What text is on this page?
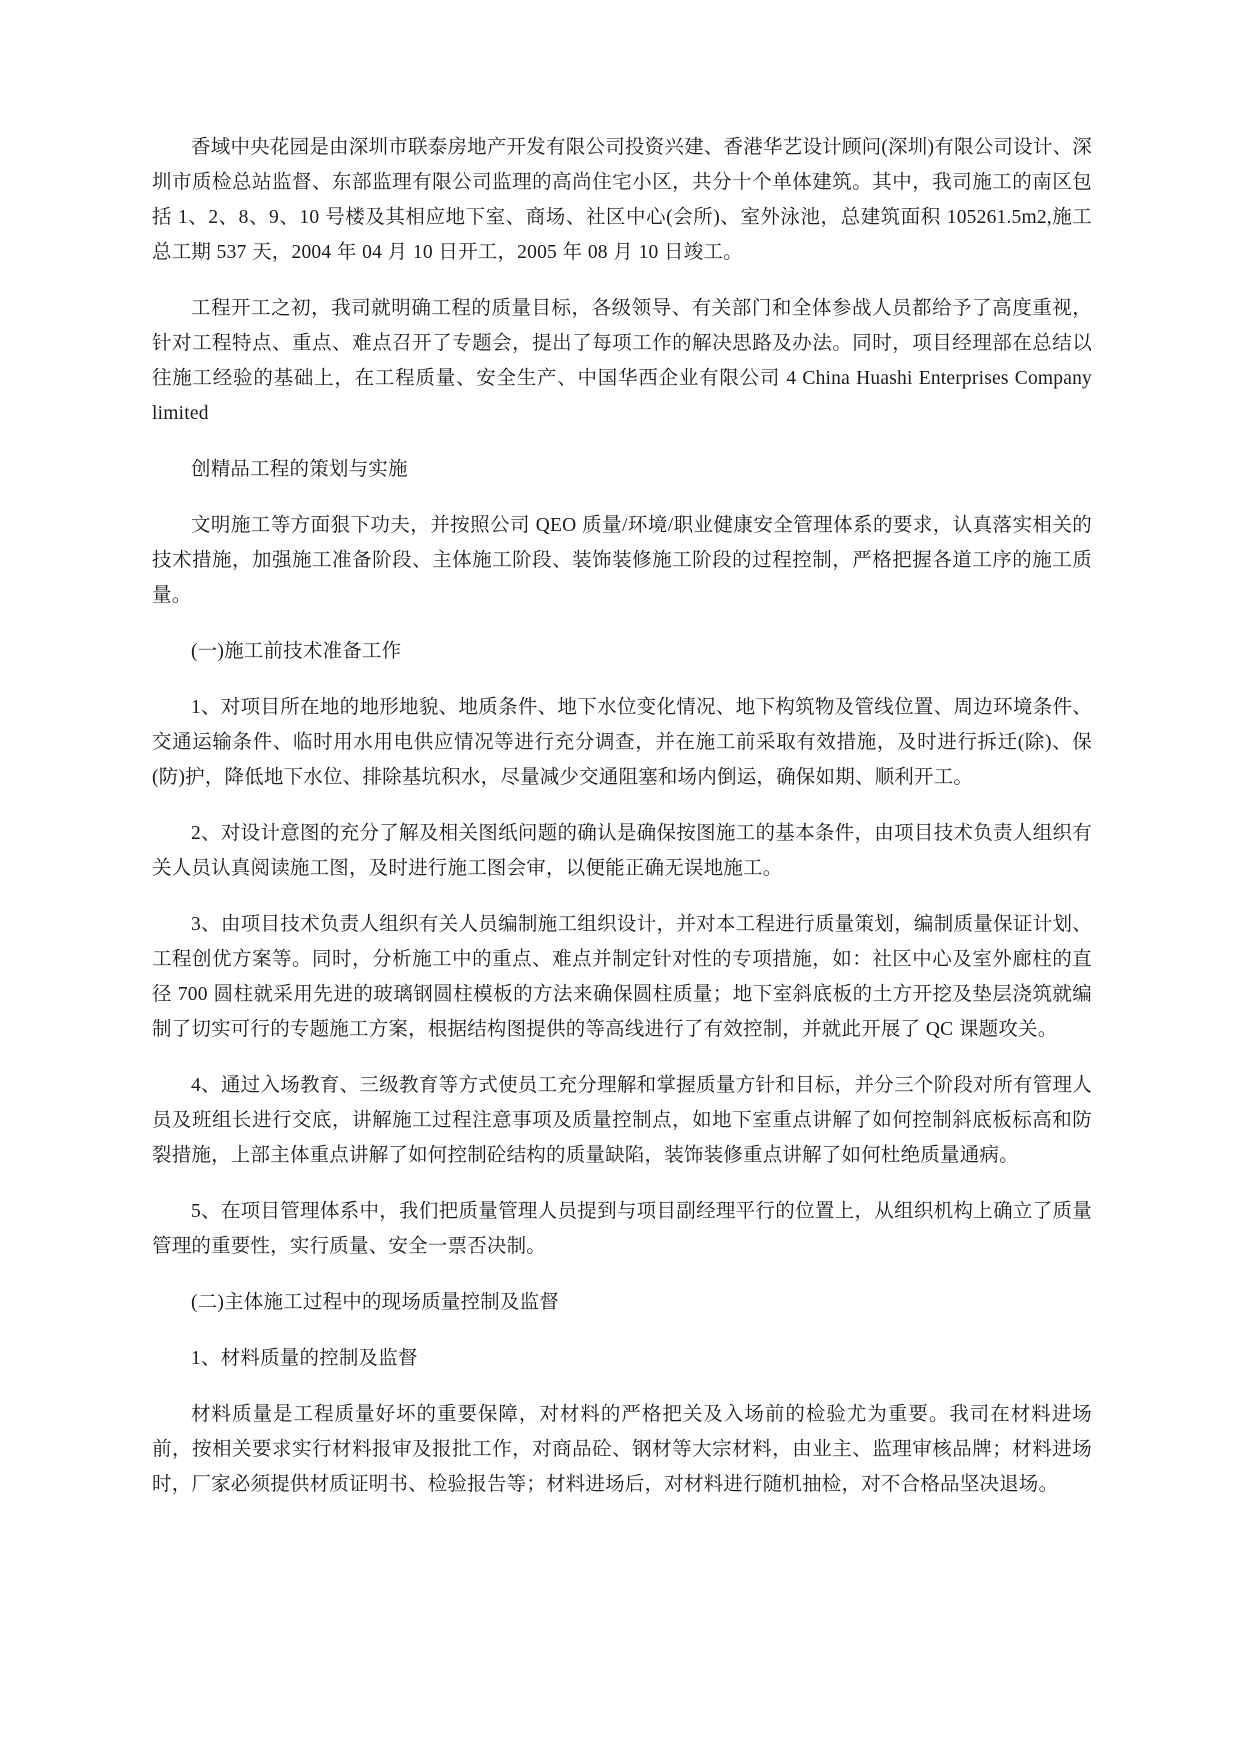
香域中央花园是由深圳市联泰房地产开发有限公司投资兴建、香港华艺设计顾问(深圳)有限公司设计、深圳市质检总站监督、东部监理有限公司监理的高尚住宅小区，共分十个单体建筑。其中，我司施工的南区包括 1、2、8、9、10 号楼及其相应地下室、商场、社区中心(会所)、室外泳池，总建筑面积 105261.5m2,施工总工期 537 天，2004 年 04 月 10 日开工，2005 年 08 月 10 日竣工。

工程开工之初，我司就明确工程的质量目标，各级领导、有关部门和全体参战人员都给予了高度重视，针对工程特点、重点、难点召开了专题会，提出了每项工作的解决思路及办法。同时，项目经理部在总结以往施工经验的基础上，在工程质量、安全生产、中国华西企业有限公司 4 China Huashi Enterprises Company limited

创精品工程的策划与实施

文明施工等方面狠下功夫，并按照公司 QEO 质量/环境/职业健康安全管理体系的要求，认真落实相关的技术措施，加强施工准备阶段、主体施工阶段、装饰装修施工阶段的过程控制，严格把握各道工序的施工质量。

(一)施工前技术准备工作

1、对项目所在地的地形地貌、地质条件、地下水位变化情况、地下构筑物及管线位置、周边环境条件、交通运输条件、临时用水用电供应情况等进行充分调查，并在施工前采取有效措施，及时进行拆迁(除)、保(防)护，降低地下水位、排除基坑积水，尽量减少交通阻塞和场内倒运，确保如期、顺利开工。

2、对设计意图的充分了解及相关图纸问题的确认是确保按图施工的基本条件，由项目技术负责人组织有关人员认真阅读施工图，及时进行施工图会审，以便能正确无误地施工。

3、由项目技术负责人组织有关人员编制施工组织设计，并对本工程进行质量策划，编制质量保证计划、工程创优方案等。同时，分析施工中的重点、难点并制定针对性的专项措施，如：社区中心及室外廊柱的直径 700 圆柱就采用先进的玻璃钢圆柱模板的方法来确保圆柱质量；地下室斜底板的土方开挖及垫层浇筑就编制了切实可行的专题施工方案，根据结构图提供的等高线进行了有效控制，并就此开展了 QC 课题攻关。

4、通过入场教育、三级教育等方式使员工充分理解和掌握质量方针和目标，并分三个阶段对所有管理人员及班组长进行交底，讲解施工过程注意事项及质量控制点，如地下室重点讲解了如何控制斜底板标高和防裂措施，上部主体重点讲解了如何控制砼结构的质量缺陷，装饰装修重点讲解了如何杜绝质量通病。

5、在项目管理体系中，我们把质量管理人员提到与项目副经理平行的位置上，从组织机构上确立了质量管理的重要性，实行质量、安全一票否决制。

(二)主体施工过程中的现场质量控制及监督

1、材料质量的控制及监督

材料质量是工程质量好坏的重要保障，对材料的严格把关及入场前的检验尤为重要。我司在材料进场前，按相关要求实行材料报审及报批工作，对商品砼、钢材等大宗材料，由业主、监理审核品牌；材料进场时，厂家必须提供材质证明书、检验报告等；材料进场后，对材料进行随机抽检，对不合格品坚决退场。
